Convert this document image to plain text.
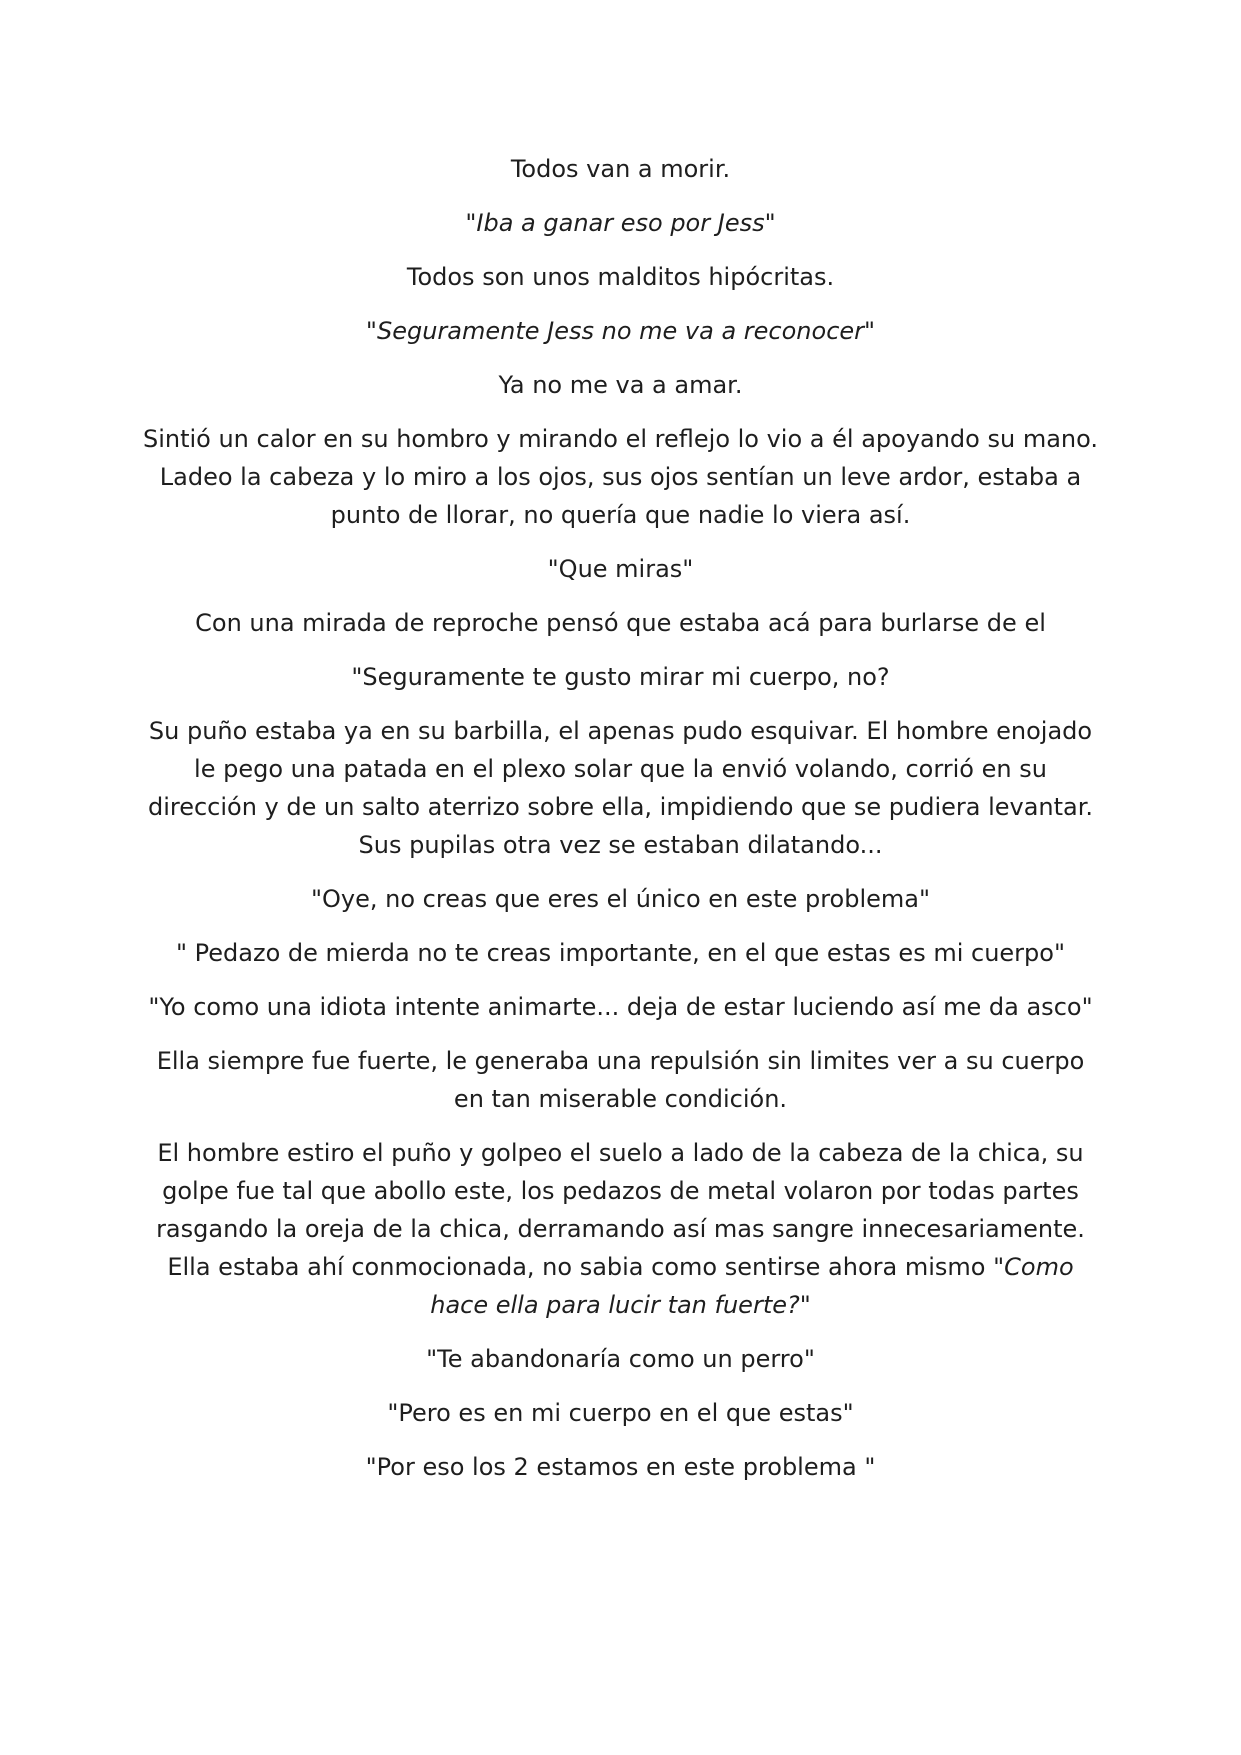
Todos van a morir.

"Iba a ganar eso por Jess"

Todos son unos malditos hipócritas.

"Seguramente Jess no me va a reconocer"

Ya no me va a amar.

Sintió un calor en su hombro y mirando el reflejo lo vio a él apoyando su mano. Ladeo la cabeza y lo miro a los ojos, sus ojos sentían un leve ardor, estaba a punto de llorar, no quería que nadie lo viera así.

"Que miras"

Con una mirada de reproche pensó que estaba acá para burlarse de el

"Seguramente te gusto mirar mi cuerpo, no?

Su puño estaba ya en su barbilla, el apenas pudo esquivar. El hombre enojado le pego una patada en el plexo solar que la envió volando, corrió en su dirección y de un salto aterrizo sobre ella, impidiendo que se pudiera levantar. Sus pupilas otra vez se estaban dilatando...

"Oye, no creas que eres el único en este problema"

" Pedazo de mierda no te creas importante, en el que estas es mi cuerpo"

"Yo como una idiota intente animarte... deja de estar luciendo así me da asco"

Ella siempre fue fuerte, le generaba una repulsión sin limites ver a su cuerpo en tan miserable condición.

El hombre estiro el puño y golpeo el suelo a lado de la cabeza de la chica, su golpe fue tal que abollo este, los pedazos de metal volaron por todas partes rasgando la oreja de la chica, derramando así mas sangre innecesariamente. Ella estaba ahí conmocionada, no sabia como sentirse ahora mismo "Como hace ella para lucir tan fuerte?"

"Te abandonaría como un perro"

"Pero es en mi cuerpo en el que estas"

"Por eso los 2 estamos en este problema "
